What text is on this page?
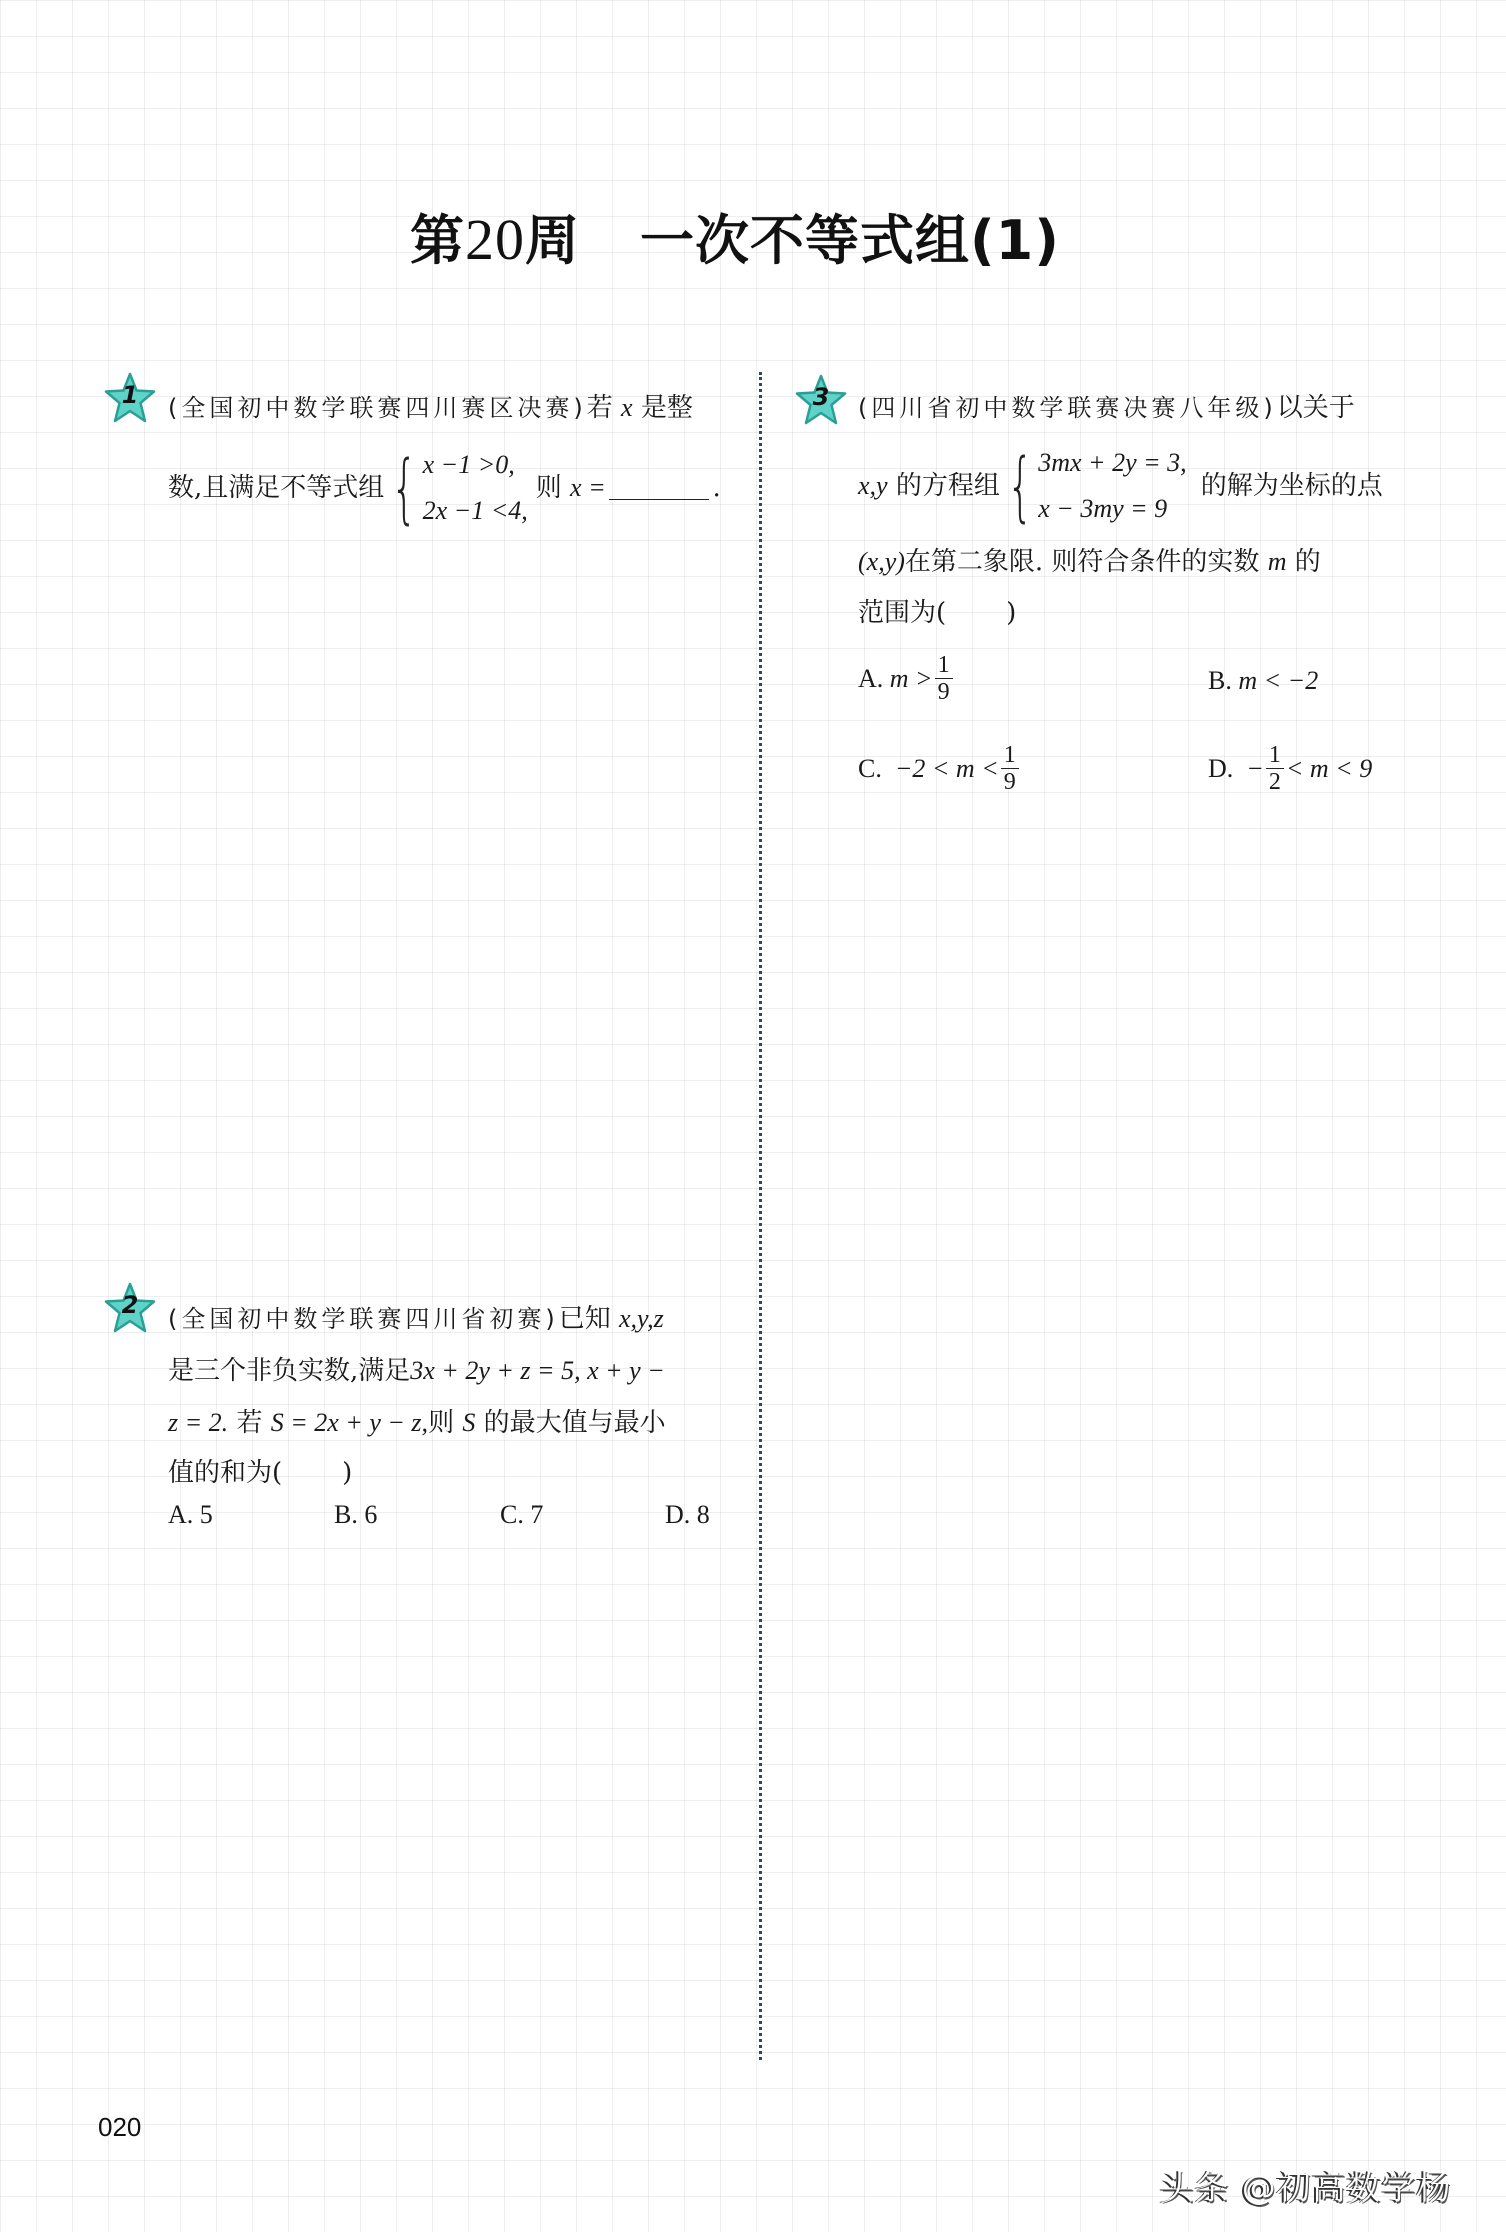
第20周 一次不等式组(1)
1	(全国初中数学联赛四川赛区决赛)若 x 是整
数,且满足不等式组 { x −1 >0,
2x −1 <4,
则
x
=	.
2	(全国初中数学联赛四川省初赛)已知 x,y,z
是三个非负实数,满足3x + 2y + z = 5, x + y −
z = 2. 若 S = 2x + y − z,则 S 的最大值与最小
值的和为( )
A. 5	B. 6	C. 7	D. 8
3	(四川省初中数学联赛决赛八年级)以关于
x,y
的方程组 { 3mx + 2y = 3,
x − 3my = 9
的解为坐标的点
(x,y)在第二象限. 则符合条件的实数 m 的
范围为( )
A.
$m > \frac{1}{9}$	B. m < −2
C.
$-2 < m < \frac{1}{9}$	D.
− $\frac{1}{2} < m < 9$
020
头条 @初高数学杨
